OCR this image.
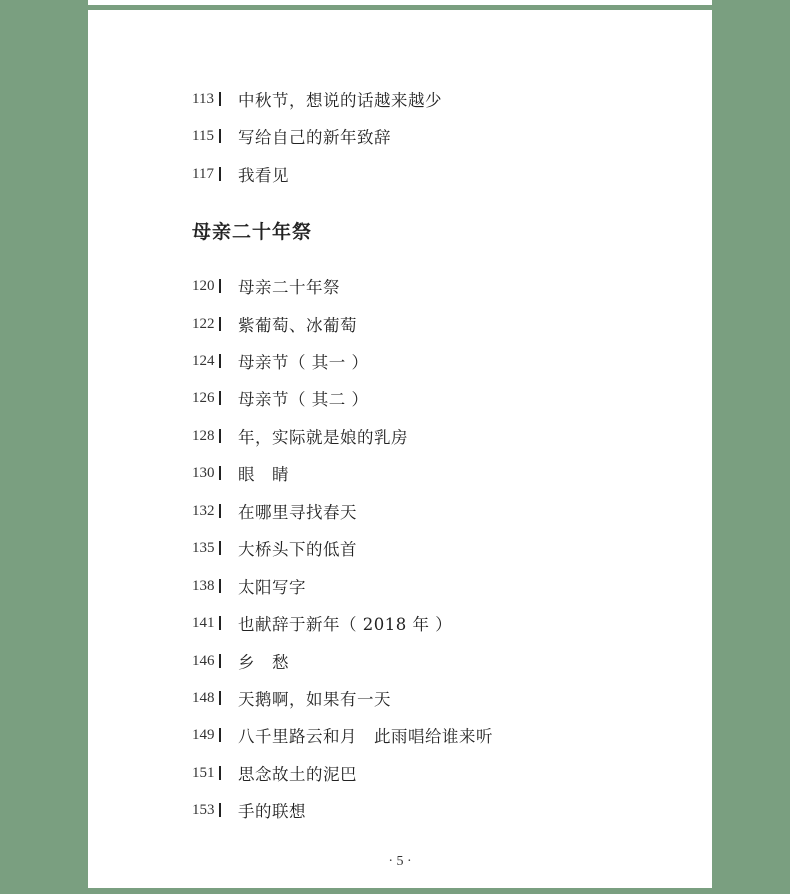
113 中秋节，想说的话越来越少
115 写给自己的新年致辞
117 我看见
母亲二十年祭
120 母亲二十年祭
122 紫葡萄、冰葡萄
124 母亲节（ 其一 ）
126 母亲节（ 其二 ）
128 年，实际就是娘的乳房
130 眼　睛
132 在哪里寻找春天
135 大桥头下的低首
138 太阳写字
141 也献辞于新年（ 2018 年 ）
146 乡　愁
148 天鹅啊，如果有一天
149 八千里路云和月　此雨唱给谁来听
151 思念故土的泥巴
153 手的联想
· 5 ·
